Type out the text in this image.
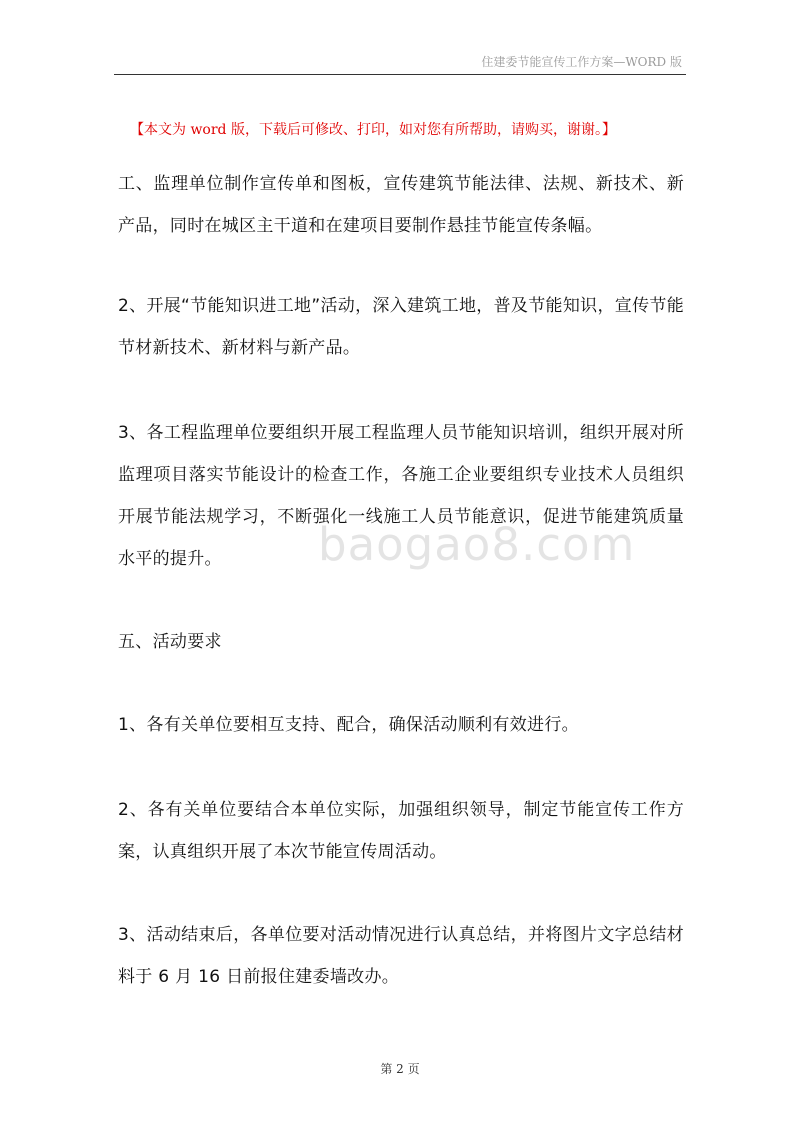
住建委节能宣传工作方案—WORD 版
【本文为 word 版，下载后可修改、打印，如对您有所帮助，请购买，谢谢。】

工、监理单位制作宣传单和图板，宣传建筑节能法律、法规、新技术、新产品，同时在城区主干道和在建项目要制作悬挂节能宣传条幅。

2、开展“节能知识进工地”活动，深入建筑工地，普及节能知识，宣传节能节材新技术、新材料与新产品。

3、各工程监理单位要组织开展工程监理人员节能知识培训，组织开展对所监理项目落实节能设计的检查工作，各施工企业要组织专业技术人员组织开展节能法规学习，不断强化一线施工人员节能意识，促进节能建筑质量水平的提升。

五、活动要求

1、各有关单位要相互支持、配合，确保活动顺利有效进行。

2、各有关单位要结合本单位实际，加强组织领导，制定节能宣传工作方案，认真组织开展了本次节能宣传周活动。

3、活动结束后，各单位要对活动情况进行认真总结，并将图片文字总结材料于 6 月 16 日前报住建委墙改办。

baogao8.com
第 2 页
